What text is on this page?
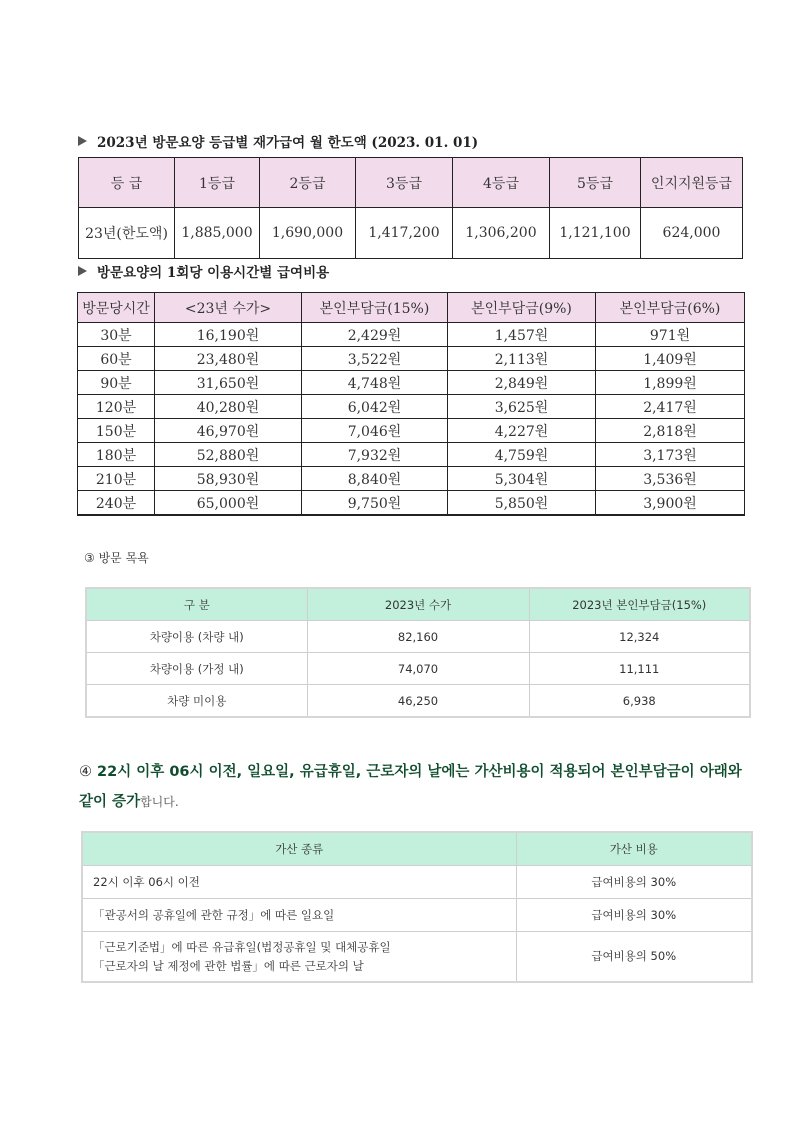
2023년 방문요양 등급별 재가급여 월 한도액 (2023. 01. 01)
등 급	1등급	2등급	3등급	4등급	5등급	인지지원등급
23년(한도액)	1,885,000	1,690,000	1,417,200	1,306,200	1,121,100	624,000
방문요양의 1회당 이용시간별 급여비용
방문당시간	<23년 수가>	본인부담금(15%)	본인부담금(9%)	본인부담금(6%)
30분	16,190원	2,429원	1,457원	971원
60분	23,480원	3,522원	2,113원	1,409원
90분	31,650원	4,748원	2,849원	1,899원
120분	40,280원	6,042원	3,625원	2,417원
150분	46,970원	7,046원	4,227원	2,818원
180분	52,880원	7,932원	4,759원	3,173원
210분	58,930원	8,840원	5,304원	3,536원
240분	65,000원	9,750원	5,850원	3,900원
③ 방문 목욕
구 분	2023년 수가	2023년 본인부담금(15%)
차량이용 (차량 내)	82,160	12,324
차량이용 (가정 내)	74,070	11,111
차량 미이용	46,250	6,938
④ 22시 이후 06시 이전, 일요일, 유급휴일, 근로자의 날에는 가산비용이 적용되어 본인부담금이 아래와 같이 증가합니다.
가산 종류	가산 비용
22시 이후 06시 이전	급여비용의 30%
「관공서의 공휴일에 관한 규정」에 따른 일요일	급여비용의 30%

「근로기준법」에 따른 유급휴일(법정공휴일 및 대체공휴일
「근로자의 날 제정에 관한 법률」에 따른 근로자의 날	급여비용의 50%
